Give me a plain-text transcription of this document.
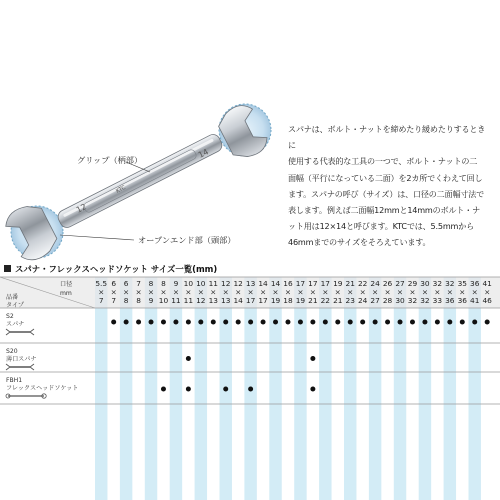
12
14
KTC
グリップ（柄部）
オープンエンド部（頭部）
スパナは、ボルト・ナットを締めたり緩めたりするときに
使用する代表的な工具の一つで、ボルト・ナットの二
面幅（平行になっている二面）を2カ所でくわえて回し
ます。スパナの呼び（サイズ）は、口径の二面幅寸法で
表します。例えば二面幅12mmと14mmのボルト・ナ
ット用は12×14と呼びます。KTCでは、5.5mmから
46mmまでのサイズをそろえています。
スパナ・フレックスヘッドソケット サイズ一覧(mm)
口径
mm
品番
タイプ
5.5
×
7
6
×
7
6
×
8
7
×
8
8
×
9
8
×
10
9
×
11
10
×
11
10
×
12
11
×
13
12
×
13
12
×
14
13
×
17
14
×
17
14
×
19
16
×
18
17
×
19
17
×
21
17
×
22
19
×
21
21
×
23
22
×
24
24
×
27
26
×
28
27
×
30
29
×
32
30
×
32
32
×
33
32
×
36
35
×
36
36
×
41
41
×
46
S2
スパナ
S20
薄口スパナ
FBH1
フレックスヘッドソケット
